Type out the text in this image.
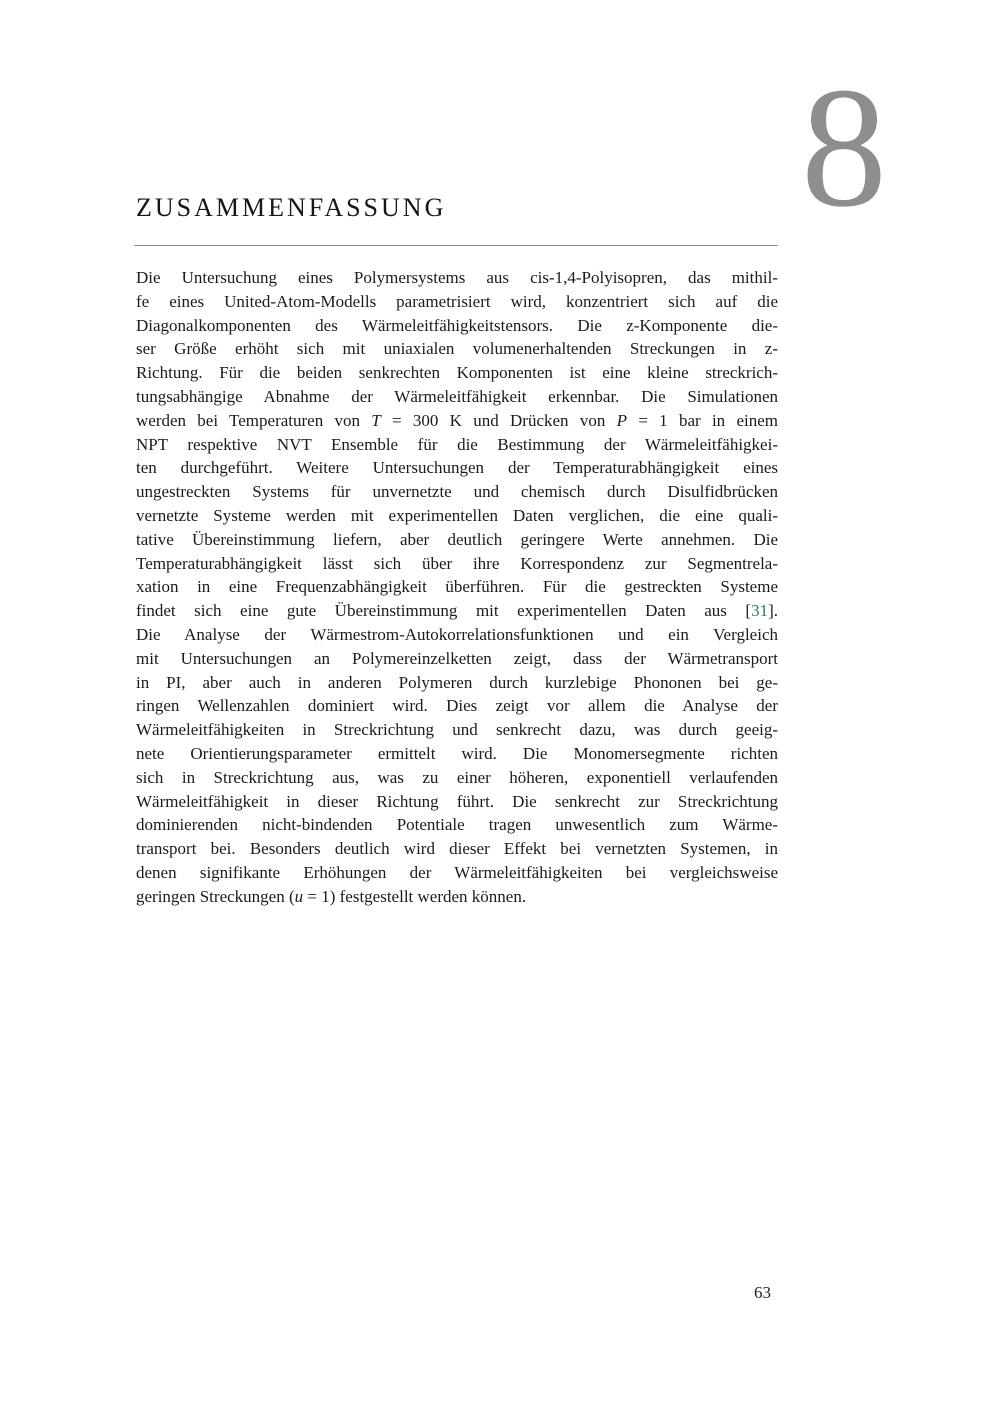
8
ZUSAMMENFASSUNG
Die Untersuchung eines Polymersystems aus cis-1,4-Polyisopren, das mithil-
fe eines United-Atom-Modells parametrisiert wird, konzentriert sich auf die
Diagonalkomponenten des Wärmeleitfähigkeitstensors. Die z-Komponente die-
ser Größe erhöht sich mit uniaxialen volumenerhaltenden Streckungen in z-
Richtung. Für die beiden senkrechten Komponenten ist eine kleine streckrich-
tungsabhängige Abnahme der Wärmeleitfähigkeit erkennbar. Die Simulationen
werden bei Temperaturen von T = 300 K und Drücken von P = 1 bar in einem
NPT respektive NVT Ensemble für die Bestimmung der Wärmeleitfähigkei-
ten durchgeführt. Weitere Untersuchungen der Temperaturabhängigkeit eines
ungestreckten Systems für unvernetzte und chemisch durch Disulfidbrücken
vernetzte Systeme werden mit experimentellen Daten verglichen, die eine quali-
tative Übereinstimmung liefern, aber deutlich geringere Werte annehmen. Die
Temperaturabhängigkeit lässt sich über ihre Korrespondenz zur Segmentrela-
xation in eine Frequenzabhängigkeit überführen. Für die gestreckten Systeme
findet sich eine gute Übereinstimmung mit experimentellen Daten aus [31].
Die Analyse der Wärmestrom-Autokorrelationsfunktionen und ein Vergleich
mit Untersuchungen an Polymereinzelketten zeigt, dass der Wärmetransport
in PI, aber auch in anderen Polymeren durch kurzlebige Phononen bei ge-
ringen Wellenzahlen dominiert wird. Dies zeigt vor allem die Analyse der
Wärmeleitfähigkeiten in Streckrichtung und senkrecht dazu, was durch geeig-
nete Orientierungsparameter ermittelt wird. Die Monomersegmente richten
sich in Streckrichtung aus, was zu einer höheren, exponentiell verlaufenden
Wärmeleitfähigkeit in dieser Richtung führt. Die senkrecht zur Streckrichtung
dominierenden nicht-bindenden Potentiale tragen unwesentlich zum Wärme-
transport bei. Besonders deutlich wird dieser Effekt bei vernetzten Systemen, in
denen signifikante Erhöhungen der Wärmeleitfähigkeiten bei vergleichsweise
geringen Streckungen (u = 1) festgestellt werden können.
63
